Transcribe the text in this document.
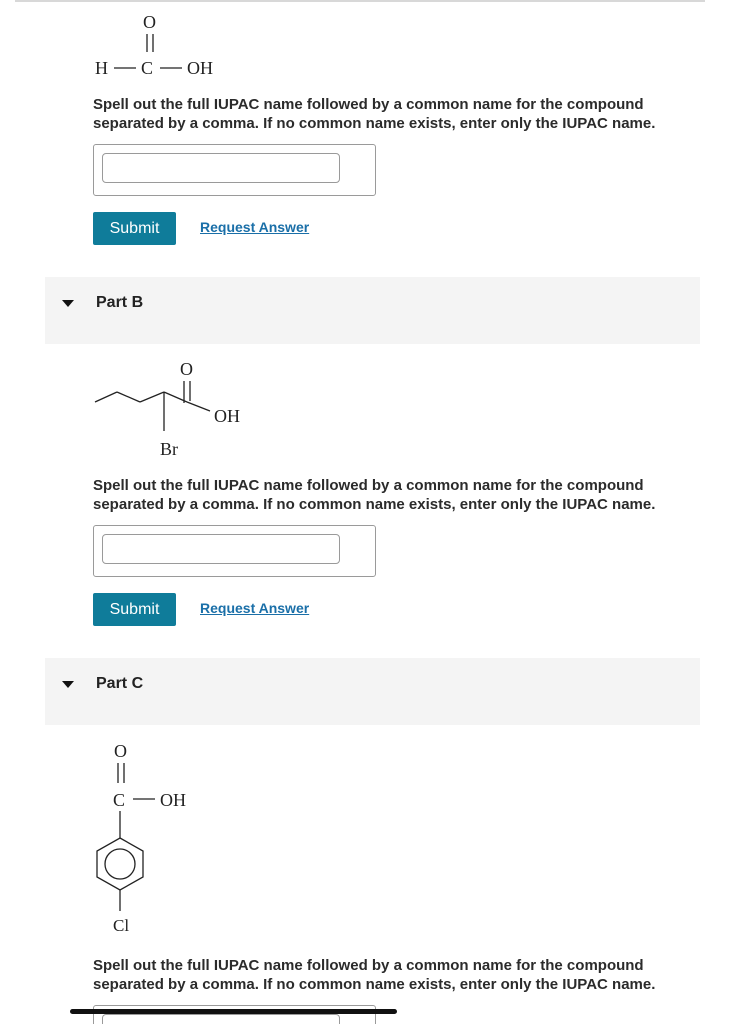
O
H C OH

Spell out the full IUPAC name followed by a common name for the compound separated by a comma. If no common name exists, enter only the IUPAC name.

Submit	Request Answer
Part B
O
OH
Br

Spell out the full IUPAC name followed by a common name for the compound separated by a comma. If no common name exists, enter only the IUPAC name.

Submit	Request Answer
Part C
O
C OH
Cl

Spell out the full IUPAC name followed by a common name for the compound separated by a comma. If no common name exists, enter only the IUPAC name.
